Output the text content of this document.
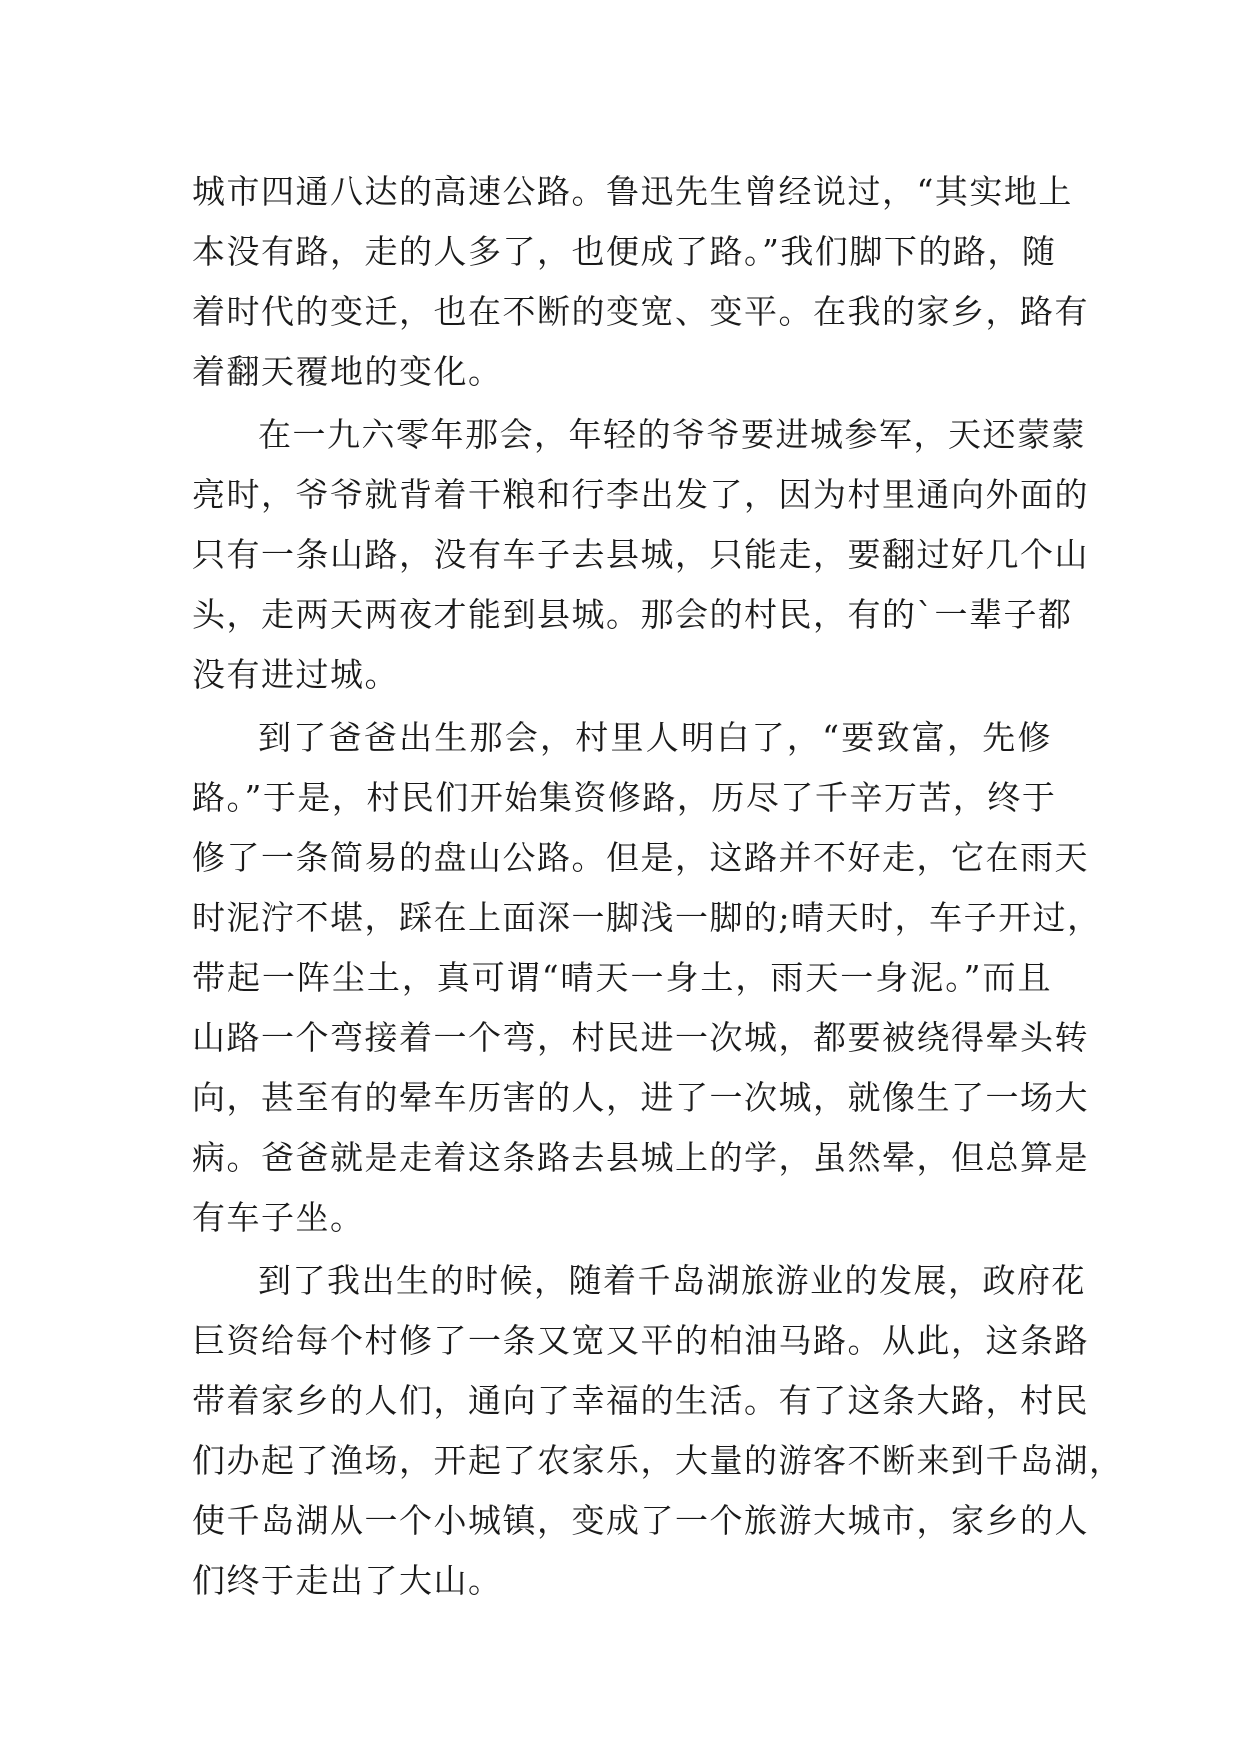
城市四通八达的高速公路。鲁迅先生曾经说过，“其实地上
本没有路，走的人多了，也便成了路。”我们脚下的路，随
着时代的变迁，也在不断的变宽、变平。在我的家乡，路有
着翻天覆地的变化。
在一九六零年那会，年轻的爷爷要进城参军，天还蒙蒙
亮时，爷爷就背着干粮和行李出发了，因为村里通向外面的
只有一条山路，没有车子去县城，只能走，要翻过好几个山
头，走两天两夜才能到县城。那会的村民，有的`一辈子都
没有进过城。
到了爸爸出生那会，村里人明白了，“要致富，先修
路。”于是，村民们开始集资修路，历尽了千辛万苦，终于
修了一条简易的盘山公路。但是，这路并不好走，它在雨天
时泥泞不堪，踩在上面深一脚浅一脚的;晴天时，车子开过，
带起一阵尘土，真可谓“晴天一身土，雨天一身泥。”而且
山路一个弯接着一个弯，村民进一次城，都要被绕得晕头转
向，甚至有的晕车历害的人，进了一次城，就像生了一场大
病。爸爸就是走着这条路去县城上的学，虽然晕，但总算是
有车子坐。
到了我出生的时候，随着千岛湖旅游业的发展，政府花
巨资给每个村修了一条又宽又平的柏油马路。从此，这条路
带着家乡的人们，通向了幸福的生活。有了这条大路，村民
们办起了渔场，开起了农家乐，大量的游客不断来到千岛湖，
使千岛湖从一个小城镇，变成了一个旅游大城市，家乡的人
们终于走出了大山。
